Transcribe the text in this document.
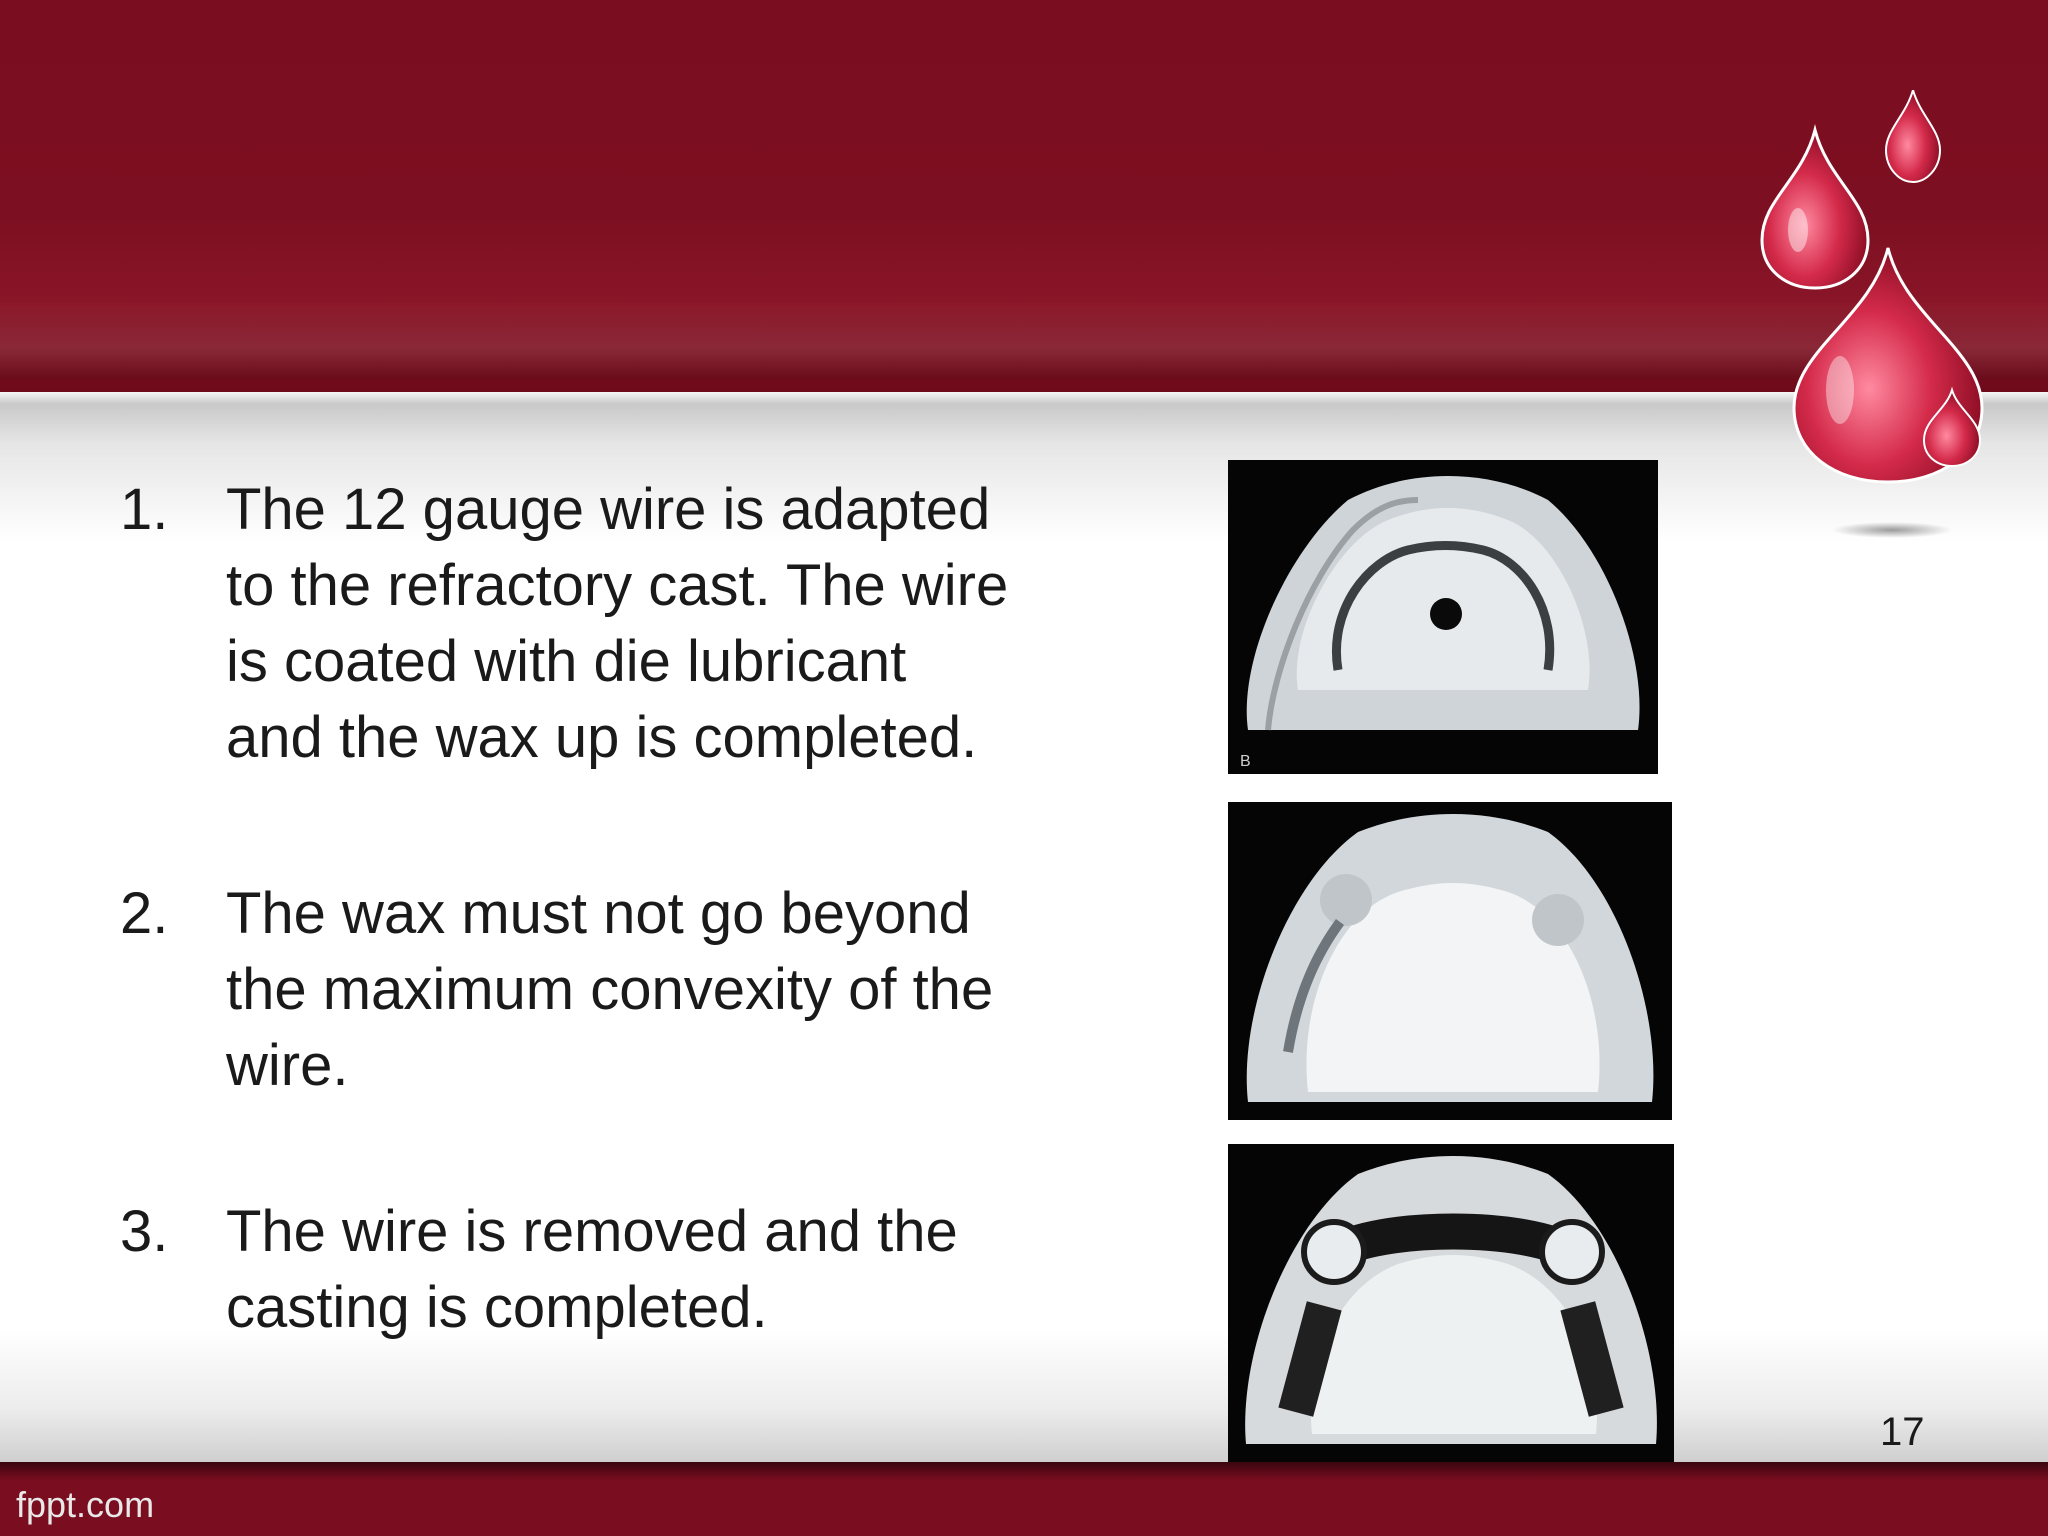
1. The 12 gauge wire is adapted
to the refractory cast. The wire
is coated with die lubricant
and the wax up is completed.
2. The wax must not go beyond
the maximum convexity of the
wire.
3. The wire is removed and the
casting is completed.
B
17
fppt.com
